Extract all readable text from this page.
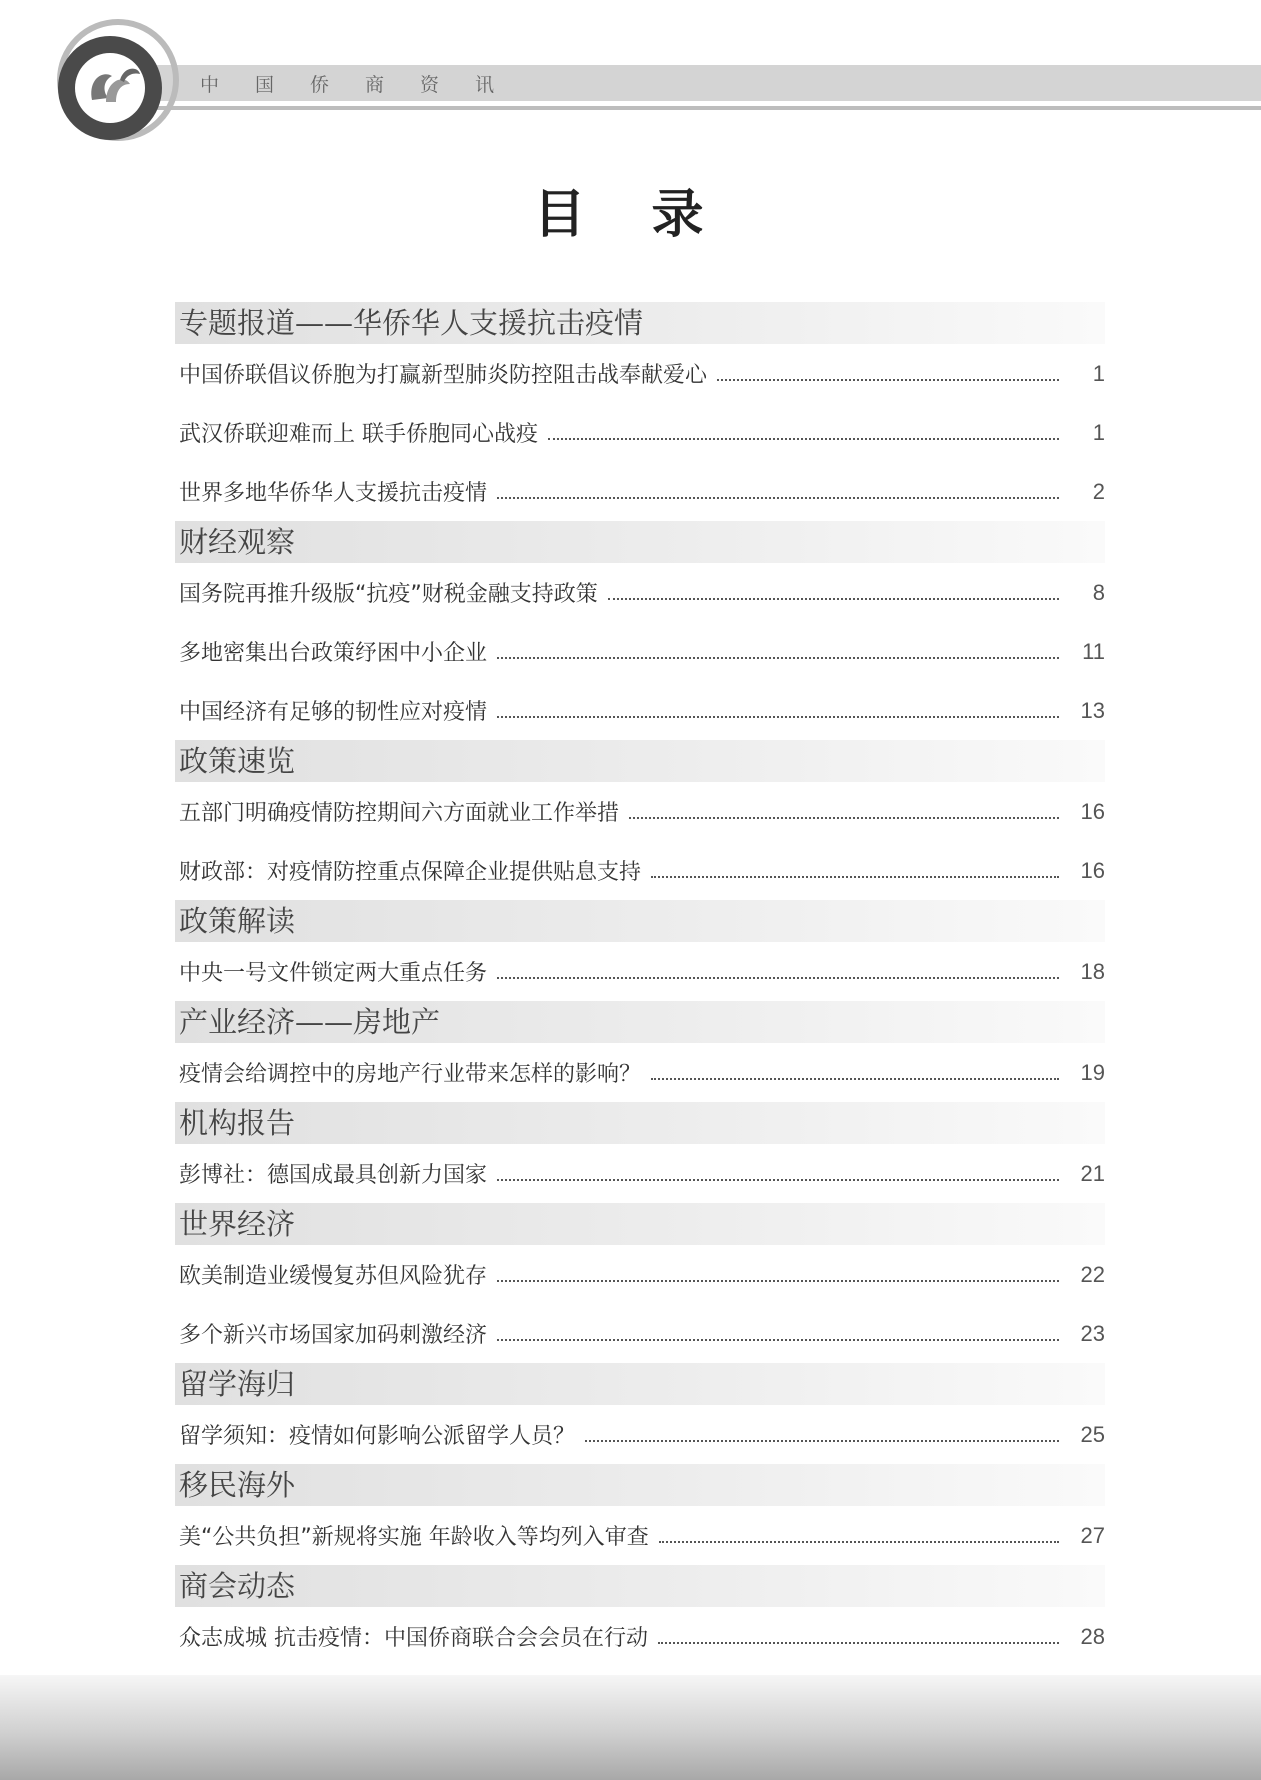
中国侨商资讯
目 录
专题报道——华侨华人支援抗击疫情
中国侨联倡议侨胞为打赢新型肺炎防控阻击战奉献爱心	1
武汉侨联迎难而上 联手侨胞同心战疫	1
世界多地华侨华人支援抗击疫情	2
财经观察
国务院再推升级版“抗疫”财税金融支持政策	8
多地密集出台政策纾困中小企业	11
中国经济有足够的韧性应对疫情	13
政策速览
五部门明确疫情防控期间六方面就业工作举措	16
财政部：对疫情防控重点保障企业提供贴息支持	16
政策解读
中央一号文件锁定两大重点任务	18
产业经济——房地产
疫情会给调控中的房地产行业带来怎样的影响？	19
机构报告
彭博社：德国成最具创新力国家	21
世界经济
欧美制造业缓慢复苏但风险犹存	22
多个新兴市场国家加码刺激经济	23
留学海归
留学须知：疫情如何影响公派留学人员？	25
移民海外
美“公共负担”新规将实施 年龄收入等均列入审查	27
商会动态
众志成城 抗击疫情：中国侨商联合会会员在行动	28
